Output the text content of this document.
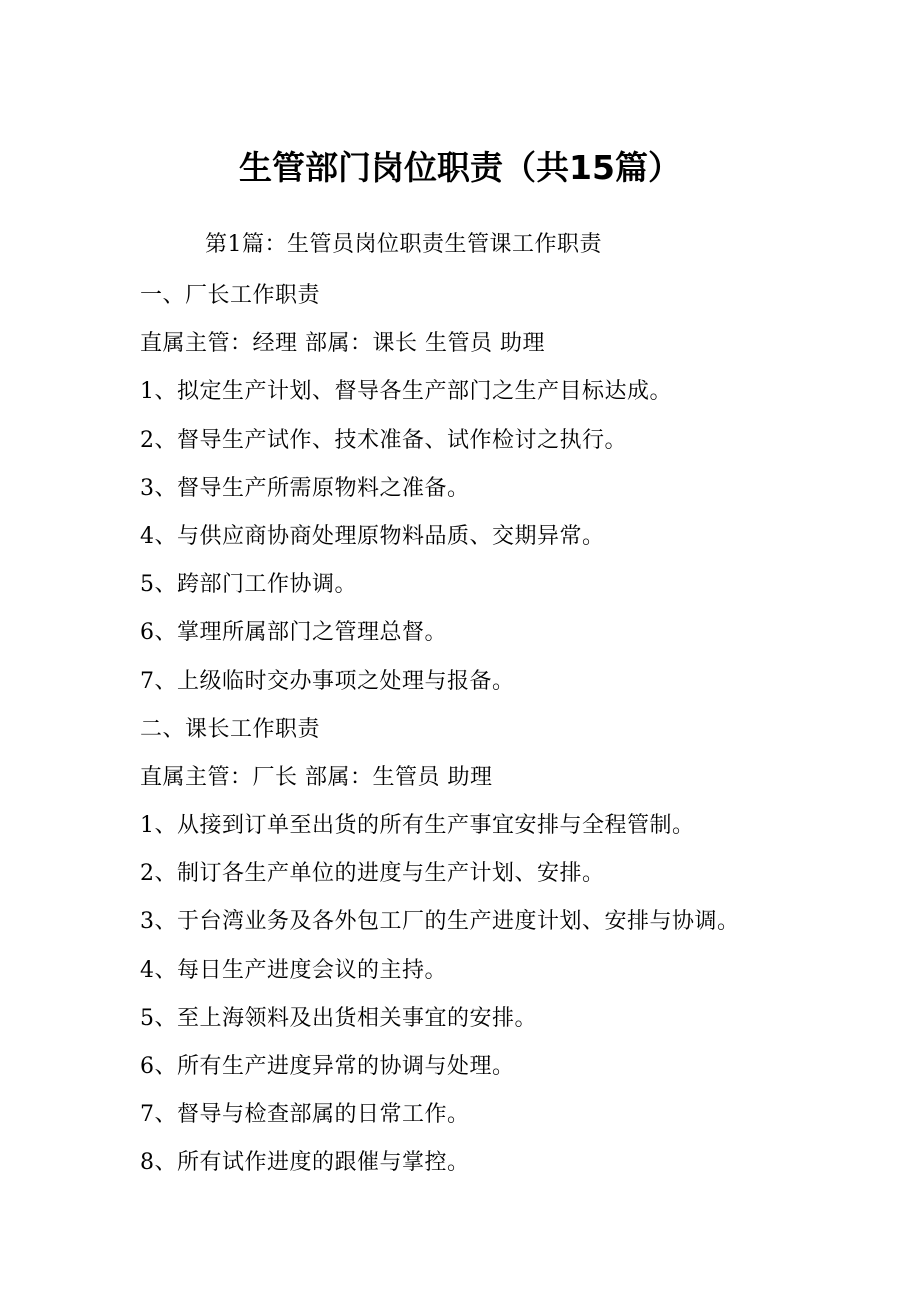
生管部门岗位职责（共15篇）
第1篇：生管员岗位职责生管课工作职责
一、厂长工作职责
直属主管：经理 部属：课长 生管员 助理
1、拟定生产计划、督导各生产部门之生产目标达成。
2、督导生产试作、技术准备、试作检讨之执行。
3、督导生产所需原物料之准备。
4、与供应商协商处理原物料品质、交期异常。
5、跨部门工作协调。
6、掌理所属部门之管理总督。
7、上级临时交办事项之处理与报备。
二、课长工作职责
直属主管：厂长 部属：生管员 助理
1、从接到订单至出货的所有生产事宜安排与全程管制。
2、制订各生产单位的进度与生产计划、安排。
3、于台湾业务及各外包工厂的生产进度计划、安排与协调。
4、每日生产进度会议的主持。
5、至上海领料及出货相关事宜的安排。
6、所有生产进度异常的协调与处理。
7、督导与检查部属的日常工作。
8、所有试作进度的跟催与掌控。
